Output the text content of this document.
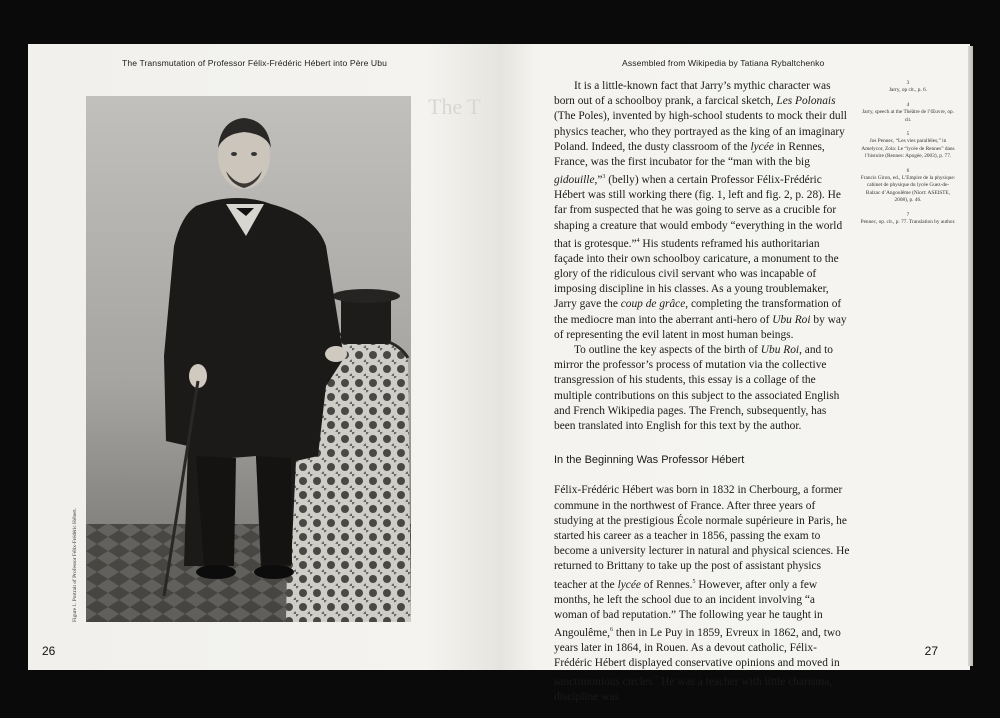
The T
The Transmutation of Professor Félix-Frédéric Hébert into Père Ubu
Figure 1. Portrait of Professor Félix-Frédéric Hébert.
26
Assembled from Wikipedia by Tatiana Rybaltchenko

It is a little-known fact that Jarry’s mythic character was born out of a schoolboy prank, a farcical sketch, Les Polonais (The Poles), invented by high-school students to mock their dull physics teacher, who they portrayed as the king of an imaginary Poland. Indeed, the dusty classroom of the lycée in Rennes, France, was the first incubator for the “man with the big gidouille,”$^3$ (belly) when a certain Professor Félix-Frédéric Hébert was still working there (fig. 1, left and fig. 2, p. 28). He far from suspected that he was going to serve as a crucible for shaping a creature that would embody “everything in the world that is grotesque.”$^4$ His students reframed his authoritarian façade into their own schoolboy caricature, a monument to the glory of the ridiculous civil servant who was incapable of imposing discipline in his classes. As a young troublemaker, Jarry gave the coup de grâce, completing the transformation of the mediocre man into the aberrant anti-hero of Ubu Roi by way of representing the evil latent in most human beings.

To outline the key aspects of the birth of Ubu Roi, and to mirror the professor’s process of mutation via the collective transgression of his students, this essay is a collage of the multiple contributions on this subject to the associated English and French Wikipedia pages. The French, subsequently, has been translated into English for this text by the author.

In the Beginning Was Professor Hébert

Félix-Frédéric Hébert was born in 1832 in Cherbourg, a former commune in the northwest of France. After three years of studying at the prestigious École normale supérieure in Paris, he started his career as a teacher in 1856, passing the exam to become a university lecturer in natural and physical sciences. He returned to Brittany to take up the post of assistant physics teacher at the lycée of Rennes.$^5$ However, after only a few months, he left the school due to an incident involving “a woman of bad reputation.” The following year he taught in Angoulême,$^6$ then in Le Puy in 1859, Evreux in 1862, and, two years later in 1864, in Rouen. As a devout catholic, Félix-Frédéric Hébert displayed conservative opinions and moved in sanctimonious circles.$^7$ He was a teacher with little charisma, discipline was

3
Jarry, op cit., p. 6.
4
Jarry, speech at the Théâtre de l’Œuvre, op. cit.
5
Jos Pennec, “Les vies parallèles,” in Amelycor, Zola: Le “lycée de Rennes” dans l’histoire (Rennes: Apogée, 2003), p. 77.
6
Francis Giron, ed., L’Empire de la physique: cabinet de physique du lycée Guez-de-Balzac d’Angoulême (Niort: ASEISTE, 2008), p. 46.
7
Pennec, op. cit., p. 77. Translation by author.
27
